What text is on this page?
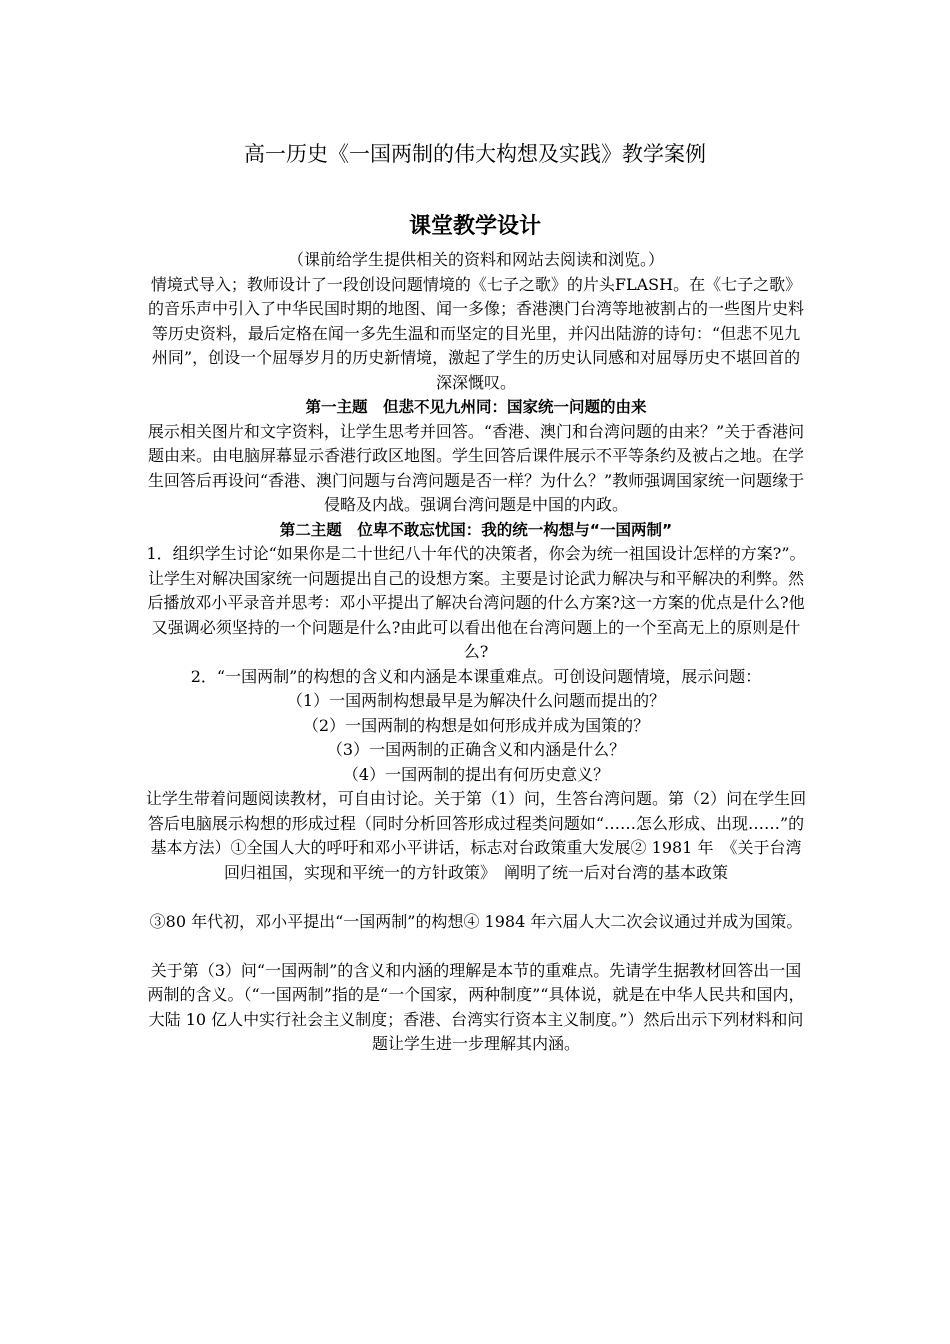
高一历史《一国两制的伟大构想及实践》教学案例
课堂教学设计

（课前给学生提供相关的资料和网站去阅读和浏览。）

情境式导入；教师设计了一段创设问题情境的《七子之歌》的片头FLASH。在《七子之歌》的音乐声中引入了中华民国时期的地图、闻一多像；香港澳门台湾等地被割占的一些图片史料等历史资料，最后定格在闻一多先生温和而坚定的目光里，并闪出陆游的诗句：“但悲不见九州同”，创设一个屈辱岁月的历史新情境，激起了学生的历史认同感和对屈辱历史不堪回首的深深慨叹。

第一主题　但悲不见九州同：国家统一问题的由来

展示相关图片和文字资料，让学生思考并回答。“香港、澳门和台湾问题的由来？”关于香港问题由来。由电脑屏幕显示香港行政区地图。学生回答后课件展示不平等条约及被占之地。在学生回答后再设问“香港、澳门问题与台湾问题是否一样？为什么？”教师强调国家统一问题缘于侵略及内战。强调台湾问题是中国的内政。

第二主题　位卑不敢忘忧国：我的统一构想与“一国两制”

1．组织学生讨论“如果你是二十世纪八十年代的决策者，你会为统一祖国设计怎样的方案?”。让学生对解决国家统一问题提出自己的设想方案。主要是讨论武力解决与和平解决的利弊。然后播放邓小平录音并思考：邓小平提出了解决台湾问题的什么方案?这一方案的优点是什么?他又强调必须坚持的一个问题是什么?由此可以看出他在台湾问题上的一个至高无上的原则是什么?

2．“一国两制”的构想的含义和内涵是本课重难点。可创设问题情境，展示问题：

（1）一国两制构想最早是为解决什么问题而提出的？

（2）一国两制的构想是如何形成并成为国策的？

（3）一国两制的正确含义和内涵是什么？

（4）一国两制的提出有何历史意义？

让学生带着问题阅读教材，可自由讨论。关于第（1）问，生答台湾问题。第（2）问在学生回答后电脑展示构想的形成过程（同时分析回答形成过程类问题如“……怎么形成、出现……”的基本方法）①全国人大的呼吁和邓小平讲话，标志对台政策重大发展② 1981 年　《关于台湾回归祖国，实现和平统一的方针政策》　阐明了统一后对台湾的基本政策

③80 年代初，邓小平提出“一国两制”的构想④ 1984 年六届人大二次会议通过并成为国策。

关于第（3）问“一国两制”的含义和内涵的理解是本节的重难点。先请学生据教材回答出一国两制的含义。（“一国两制”指的是“一个国家，两种制度”“具体说，就是在中华人民共和国内，大陆 10 亿人中实行社会主义制度；香港、台湾实行资本主义制度。”）然后出示下列材料和问题让学生进一步理解其内涵。
